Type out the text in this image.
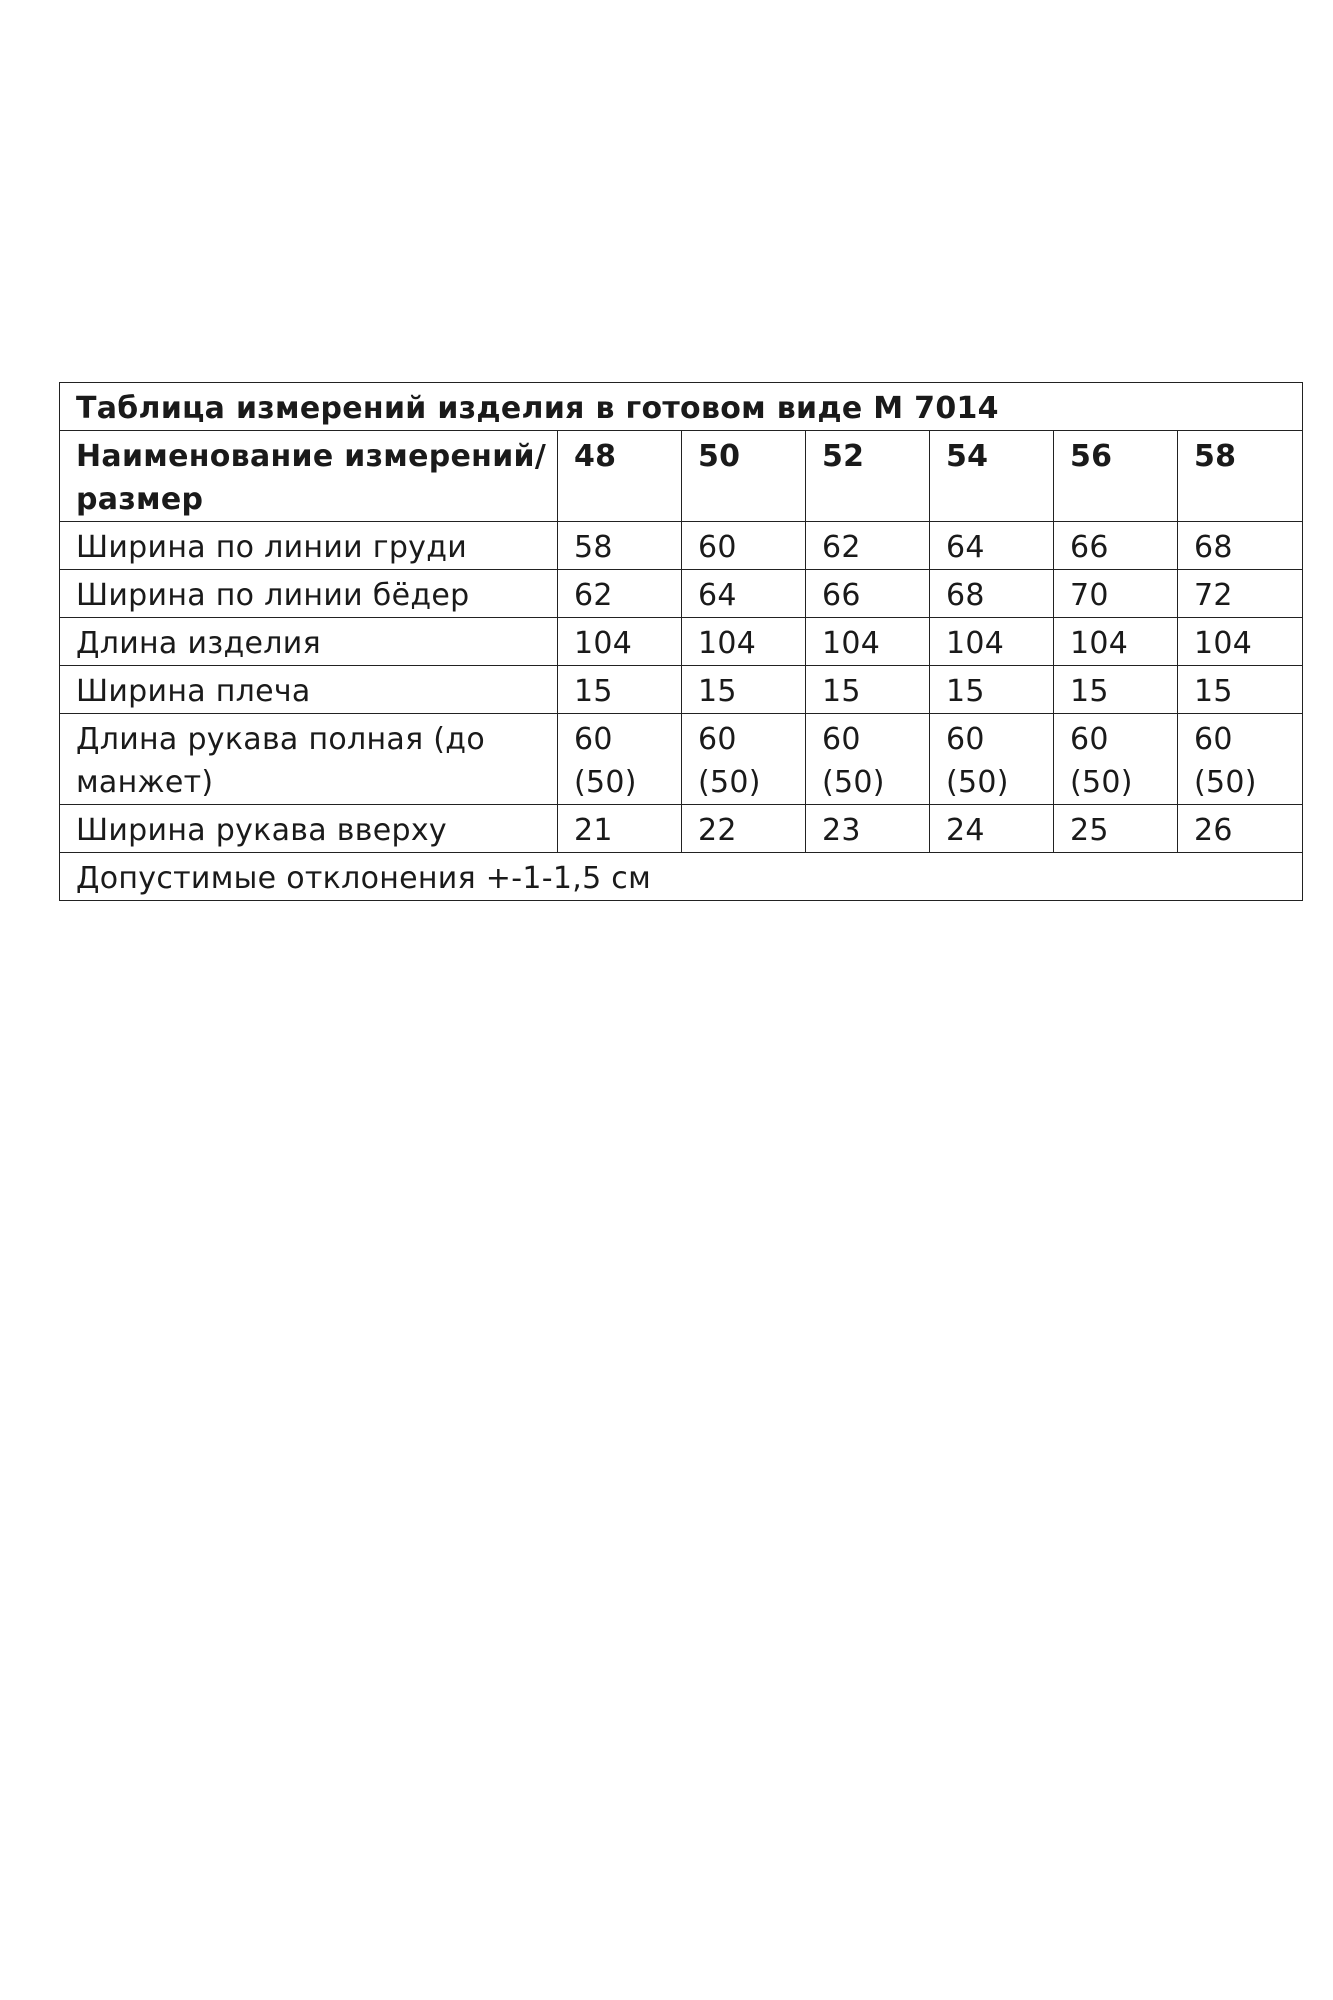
Таблица измерений изделия в готовом виде М 7014						
Наименование измерений/размер	48	50	52	54	56	58
Ширина по линии груди	58	60	62	64	66	68
Ширина по линии бёдер	62	64	66	68	70	72
Длина изделия	104	104	104	104	104	104
Ширина плеча	15	15	15	15	15	15
Длина рукава полная (до манжет)	60 (50)	60 (50)	60 (50)	60 (50)	60 (50)	60 (50)
Ширина рукава вверху	21	22	23	24	25	26
Допустимые отклонения +-1-1,5 см						
